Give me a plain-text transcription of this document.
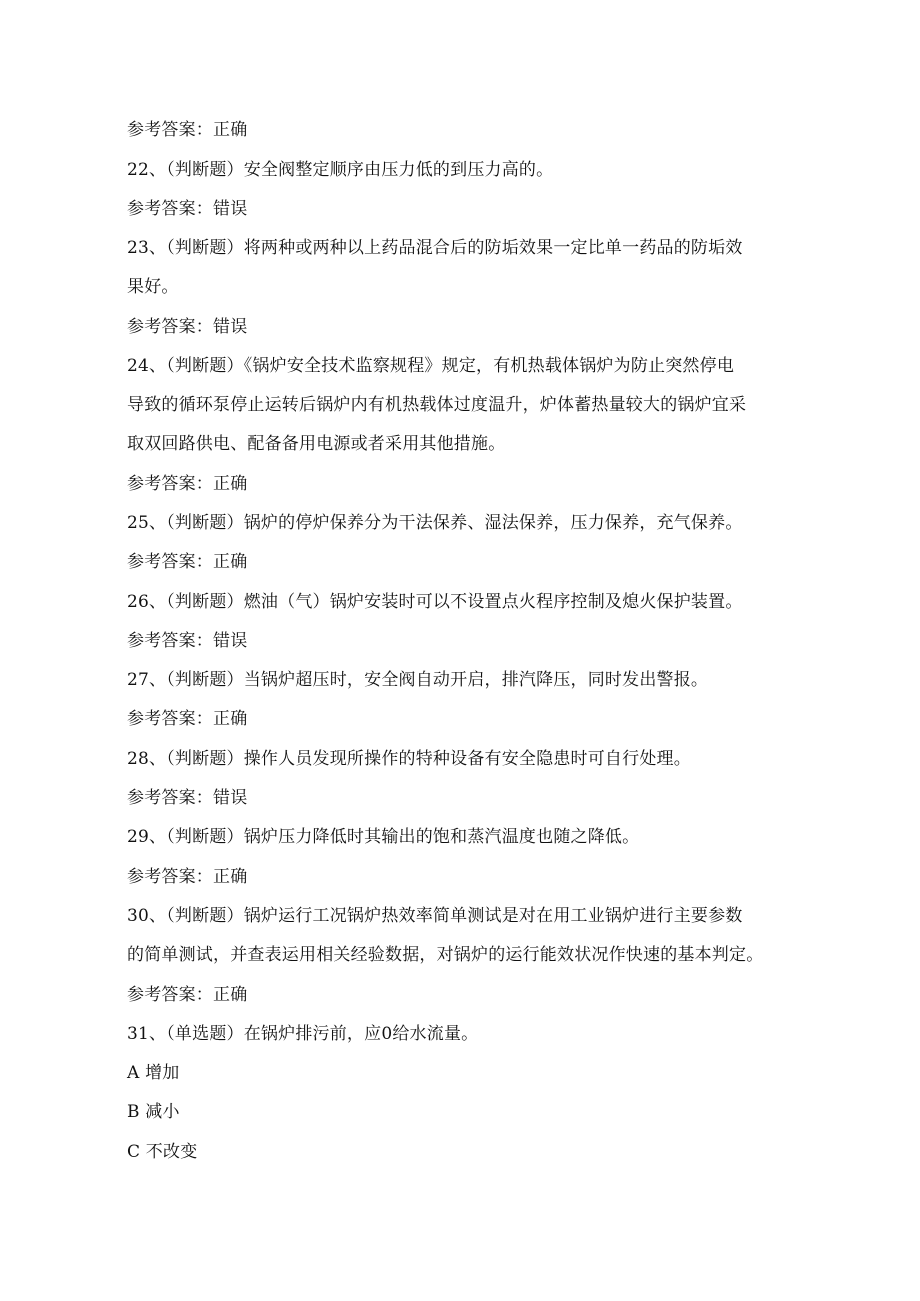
参考答案：正确
22、（判断题）安全阀整定顺序由压力低的到压力高的。
参考答案：错误
23、（判断题）将两种或两种以上药品混合后的防垢效果一定比单一药品的防垢效
果好。
参考答案：错误
24、（判断题）《锅炉安全技术监察规程》规定，有机热载体锅炉为防止突然停电
导致的循环泵停止运转后锅炉内有机热载体过度温升，炉体蓄热量较大的锅炉宜采
取双回路供电、配备备用电源或者采用其他措施。
参考答案：正确
25、（判断题）锅炉的停炉保养分为干法保养、湿法保养，压力保养，充气保养。
参考答案：正确
26、（判断题）燃油（气）锅炉安装时可以不设置点火程序控制及熄火保护装置。
参考答案：错误
27、（判断题）当锅炉超压时，安全阀自动开启，排汽降压，同时发出警报。
参考答案：正确
28、（判断题）操作人员发现所操作的特种设备有安全隐患时可自行处理。
参考答案：错误
29、（判断题）锅炉压力降低时其输出的饱和蒸汽温度也随之降低。
参考答案：正确
30、（判断题）锅炉运行工况锅炉热效率简单测试是对在用工业锅炉进行主要参数
的简单测试，并查表运用相关经验数据，对锅炉的运行能效状况作快速的基本判定。
参考答案：正确
31、（单选题）在锅炉排污前，应0给水流量。
A 增加
B 减小
C 不改变
